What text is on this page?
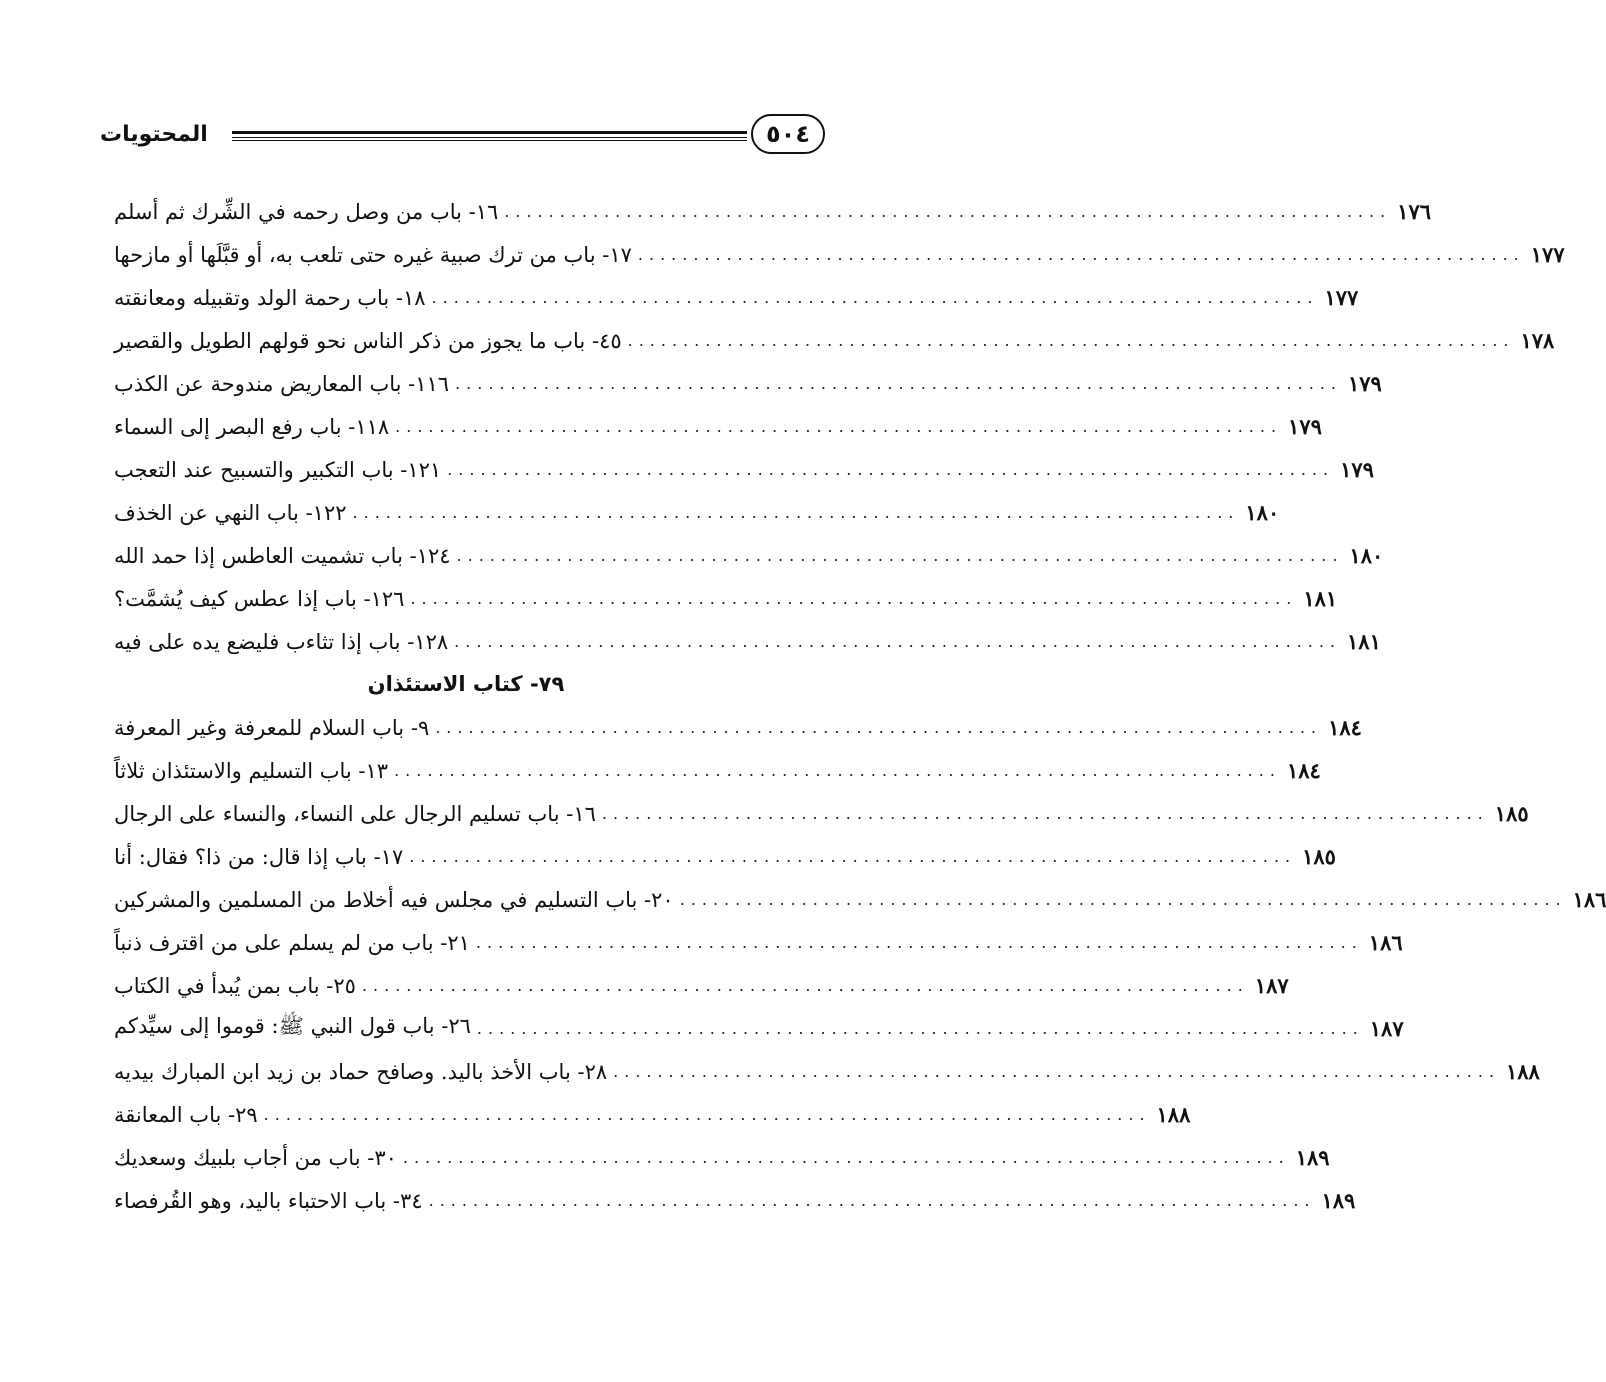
المحتويات	٥٠٤
١٦- باب من وصل رحمه في الشِّرك ثم أسلم ................................................................................ ١٧٦
١٧- باب من ترك صبية غيره حتى تلعب به، أو قبَّلَها أو مازحها ................................................................................ ١٧٧
١٨- باب رحمة الولد وتقبيله ومعانقته ................................................................................ ١٧٧
٤٥- باب ما يجوز من ذكر الناس نحو قولهم الطويل والقصير ................................................................................ ١٧٨
١١٦- باب المعاريض مندوحة عن الكذب ................................................................................ ١٧٩
١١٨- باب رفع البصر إلى السماء ................................................................................ ١٧٩
١٢١- باب التكبير والتسبيح عند التعجب ................................................................................ ١٧٩
١٢٢- باب النهي عن الخذف ................................................................................ ١٨٠
١٢٤- باب تشميت العاطس إذا حمد الله ................................................................................ ١٨٠
١٢٦- باب إذا عطس كيف يُشمَّت؟ ................................................................................ ١٨١
١٢٨- باب إذا تثاءب فليضع يده على فيه ................................................................................ ١٨١
٧٩- كتاب الاستئذان
٩- باب السلام للمعرفة وغير المعرفة ................................................................................ ١٨٤
١٣- باب التسليم والاستئذان ثلاثاً ................................................................................ ١٨٤
١٦- باب تسليم الرجال على النساء، والنساء على الرجال ................................................................................ ١٨٥
١٧- باب إذا قال: من ذا؟ فقال: أنا ................................................................................ ١٨٥
٢٠- باب التسليم في مجلس فيه أخلاط من المسلمين والمشركين ................................................................................ ١٨٦
٢١- باب من لم يسلم على من اقترف ذنباً ................................................................................ ١٨٦
٢٥- باب بمن يُبدأ في الكتاب ................................................................................ ١٨٧
٢٦- باب قول النبي ﷺ: قوموا إلى سيِّدكم ................................................................................ ١٨٧
٢٨- باب الأخذ باليد. وصافح حماد بن زيد ابن المبارك بيديه ................................................................................ ١٨٨
٢٩- باب المعانقة ................................................................................ ١٨٨
٣٠- باب من أجاب بلبيك وسعديك ................................................................................ ١٨٩
٣٤- باب الاحتباء باليد، وهو القُرفصاء ................................................................................ ١٨٩
